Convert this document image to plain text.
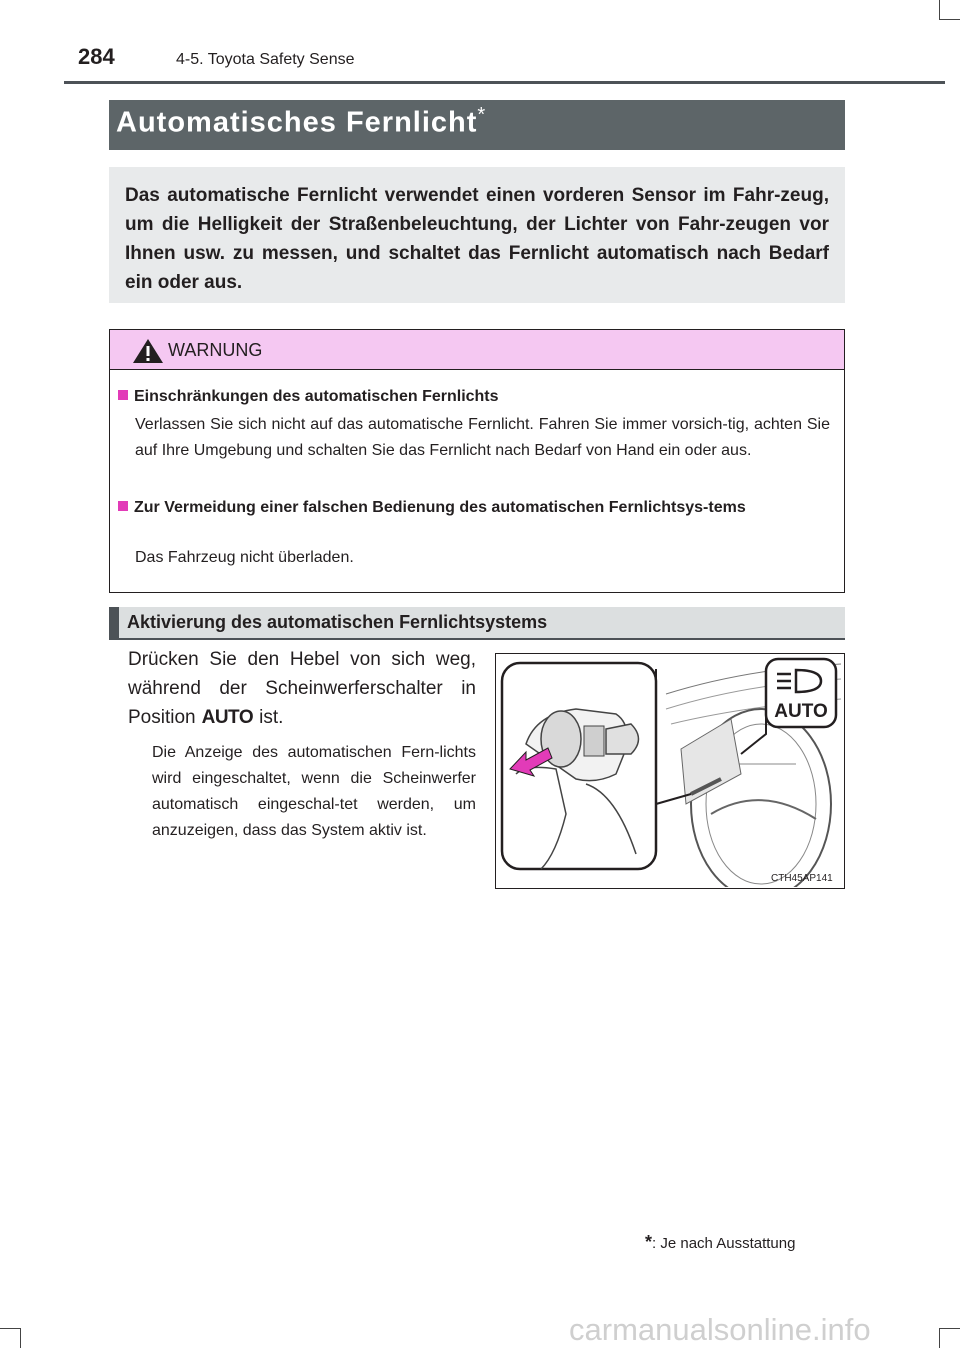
284	4-5. Toyota Safety Sense
Automatisches Fernlicht*
Das automatische Fernlicht verwendet einen vorderen Sensor im Fahr-zeug, um die Helligkeit der Straßenbeleuchtung, der Lichter von Fahr-zeugen vor Ihnen usw. zu messen, und schaltet das Fernlicht automatisch nach Bedarf ein oder aus.
WARNUNG
Einschränkungen des automatischen Fernlichts
Verlassen Sie sich nicht auf das automatische Fernlicht. Fahren Sie immer vorsich-tig, achten Sie auf Ihre Umgebung und schalten Sie das Fernlicht nach Bedarf von Hand ein oder aus.
Zur Vermeidung einer falschen Bedienung des automatischen Fernlichtsys-tems
Das Fahrzeug nicht überladen.
Aktivierung des automatischen Fernlichtsystems
Drücken Sie den Hebel von sich weg, während der Scheinwerferschalter in Position AUTO ist.
Die Anzeige des automatischen Fern-lichts wird eingeschaltet, wenn die Scheinwerfer automatisch eingeschal-tet werden, um anzuzeigen, dass das System aktiv ist.
AUTO
CTH45AP141
*: Je nach Ausstattung
carmanualsonline.info
